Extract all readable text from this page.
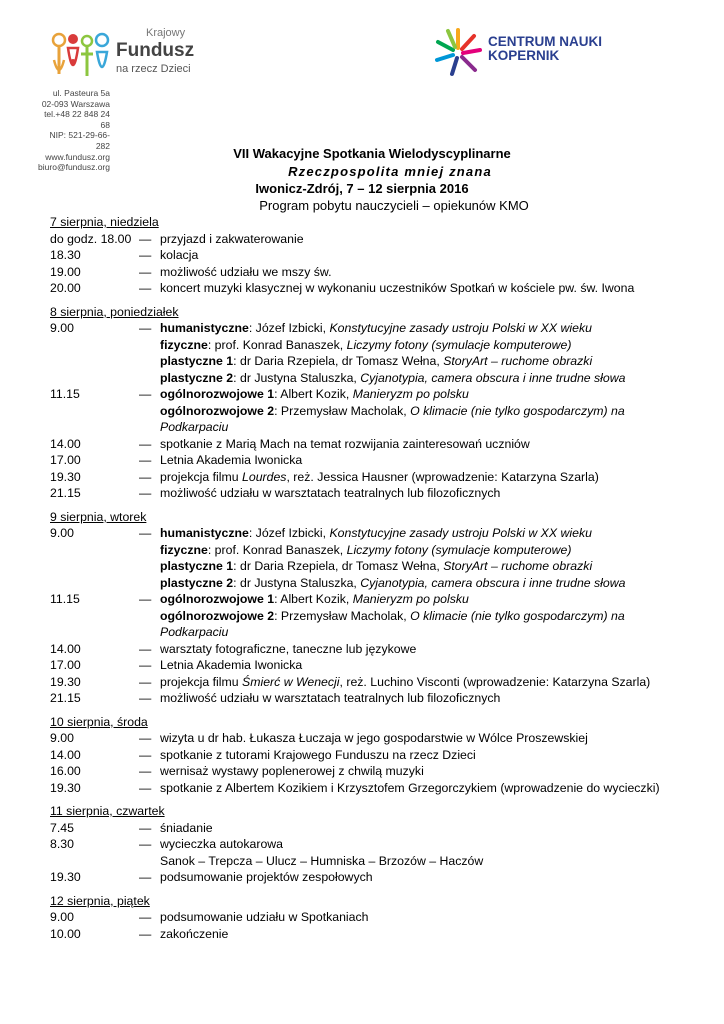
Krajowy
Fundusz
na rzecz Dzieci
ul. Pasteura 5a
02-093 Warszawa
tel.+48 22 848 24 68
NIP: 521-29-66-282
www.fundusz.org
biuro@fundusz.org
CENTRUM NAUKI
KOPERNIK
VII Wakacyjne Spotkania Wielodyscyplinarne
Rzeczpospolita mniej znana
Iwonicz-Zdrój, 7 – 12 sierpnia 2016
Program pobytu nauczycieli – opiekunów KMO
7 sierpnia, niedziela
do godz. 18.00 — przyjazd i zakwaterowanie
18.30	— kolacja
19.00	— możliwość udziału we mszy św.
20.00	— koncert muzyki klasycznej w wykonaniu uczestników Spotkań w kościele pw. św. Iwona
8 sierpnia, poniedziałek
9.00	— humanistyczne: Józef Izbicki, Konstytucyjne zasady ustroju Polski w XX wieku
fizyczne: prof. Konrad Banaszek, Liczymy fotony (symulacje komputerowe)
plastyczne 1: dr Daria Rzepiela, dr Tomasz Wełna, StoryArt – ruchome obrazki
plastyczne 2: dr Justyna Staluszka, Cyjanotypia, camera obscura i inne trudne słowa
11.15	— ogólnorozwojowe 1: Albert Kozik, Manieryzm po polsku
ogólnorozwojowe 2: Przemysław Macholak, O klimacie (nie tylko gospodarczym) na Podkarpaciu
14.00	— spotkanie z Marią Mach na temat rozwijania zainteresowań uczniów
17.00	— Letnia Akademia Iwonicka
19.30	— projekcja filmu Lourdes, reż. Jessica Hausner (wprowadzenie: Katarzyna Szarla)
21.15	— możliwość udziału w warsztatach teatralnych lub filozoficznych
9 sierpnia, wtorek
9.00	— humanistyczne: Józef Izbicki, Konstytucyjne zasady ustroju Polski w XX wieku
fizyczne: prof. Konrad Banaszek, Liczymy fotony (symulacje komputerowe)
plastyczne 1: dr Daria Rzepiela, dr Tomasz Wełna, StoryArt – ruchome obrazki
plastyczne 2: dr Justyna Staluszka, Cyjanotypia, camera obscura i inne trudne słowa
11.15	— ogólnorozwojowe 1: Albert Kozik, Manieryzm po polsku
ogólnorozwojowe 2: Przemysław Macholak, O klimacie (nie tylko gospodarczym) na Podkarpaciu
14.00	— warsztaty fotograficzne, taneczne lub językowe
17.00	— Letnia Akademia Iwonicka
19.30	— projekcja filmu Śmierć w Wenecji, reż. Luchino Visconti (wprowadzenie: Katarzyna Szarla)
21.15	— możliwość udziału w warsztatach teatralnych lub filozoficznych
10 sierpnia, środa
9.00	— wizyta u dr hab. Łukasza Łuczaja w jego gospodarstwie w Wólce Proszewskiej
14.00	— spotkanie z tutorami Krajowego Funduszu na rzecz Dzieci
16.00	— wernisaż wystawy poplenerowej z chwilą muzyki
19.30	— spotkanie z Albertem Kozikiem i Krzysztofem Grzegorczykiem (wprowadzenie do wycieczki)
11 sierpnia, czwartek
7.45	— śniadanie
8.30	— wycieczka autokarowa
Sanok – Trepcza – Ulucz – Humniska – Brzozów – Haczów
19.30	— podsumowanie projektów zespołowych
12 sierpnia, piątek
9.00	— podsumowanie udziału w Spotkaniach
10.00	— zakończenie
